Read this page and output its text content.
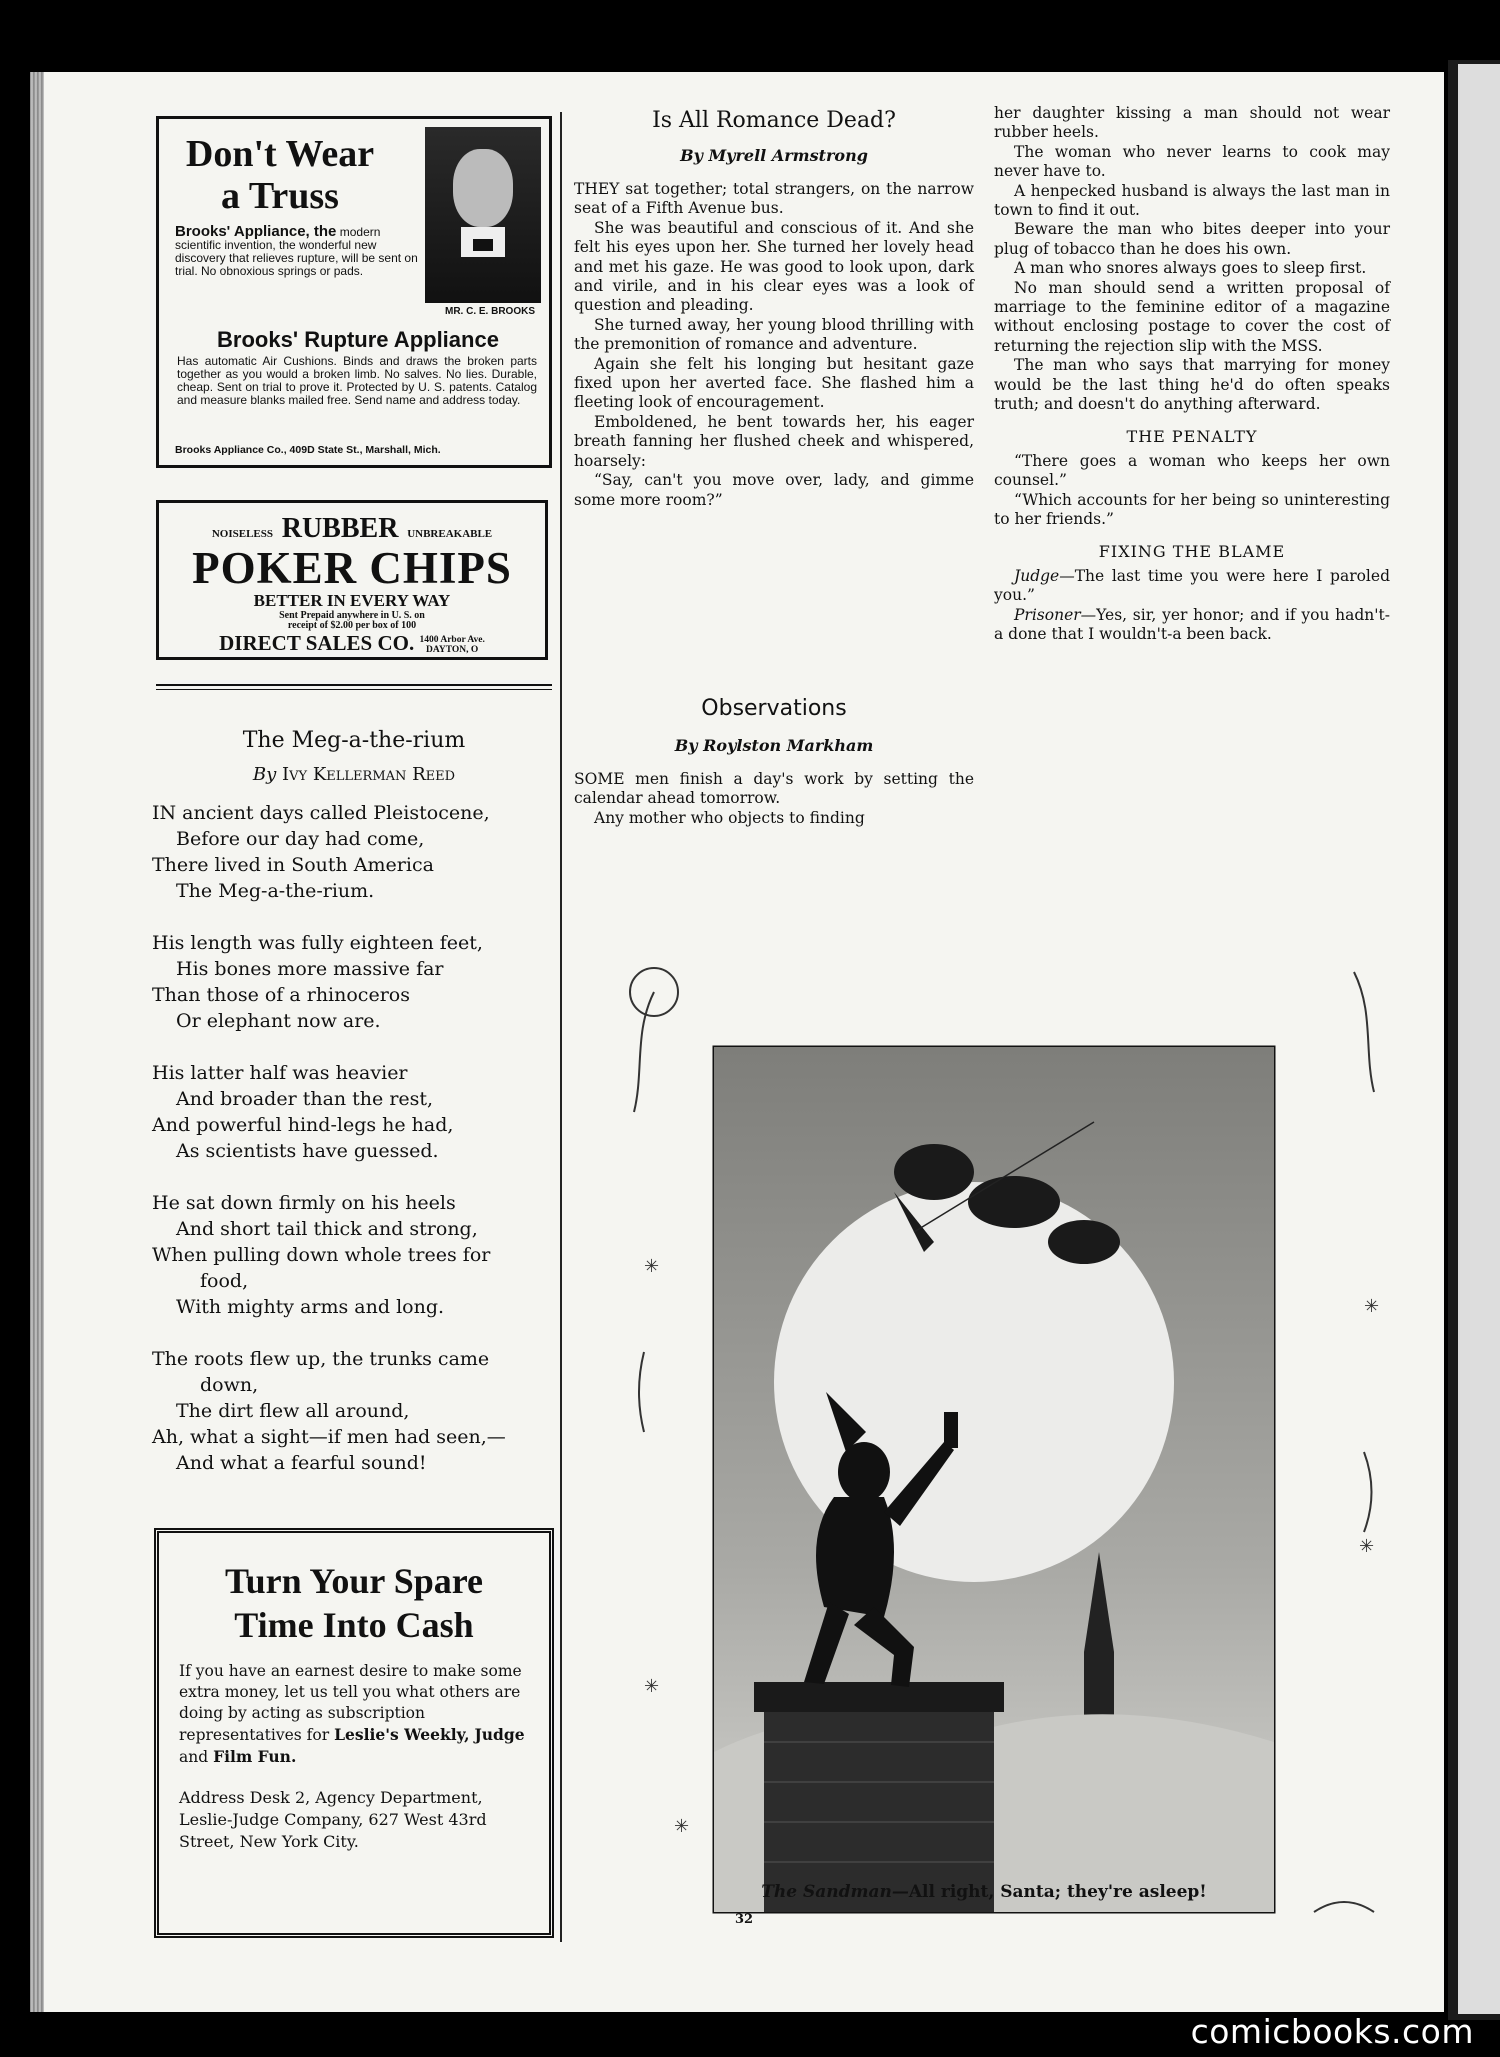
Don't Wear a Truss
Brooks' Appliance, the modern scientific invention, the wonderful new discovery that relieves rupture, will be sent on trial. No obnoxious springs or pads.
MR. C. E. BROOKS
Brooks' Rupture Appliance
Has automatic Air Cushions. Binds and draws the broken parts together as you would a broken limb. No salves. No lies. Durable, cheap. Sent on trial to prove it. Protected by U. S. patents. Catalog and measure blanks mailed free. Send name and address today.
Brooks Appliance Co., 409D State St., Marshall, Mich.
NOISELESS RUBBER UNBREAKABLE
POKER CHIPS
BETTER IN EVERY WAY
Sent Prepaid anywhere in U. S. on
receipt of $2.00 per box of 100
DIRECT SALES CO. 1400 Arbor Ave.
DAYTON, O
The Meg-a-the-rium
By Ivy Kellerman Reed
IN ancient days called Pleistocene,
Before our day had come,
There lived in South America
The Meg-a-the-rium.
His length was fully eighteen feet,
His bones more massive far
Than those of a rhinoceros
Or elephant now are.
His latter half was heavier
And broader than the rest,
And powerful hind-legs he had,
As scientists have guessed.
He sat down firmly on his heels
And short tail thick and strong,
When pulling down whole trees for
food,
With mighty arms and long.
The roots flew up, the trunks came
down,
The dirt flew all around,
Ah, what a sight—if men had seen,—
And what a fearful sound!
Turn Your Spare
Time Into Cash
If you have an earnest desire to make some extra money, let us tell you what others are doing by acting as subscription representatives for Leslie's Weekly, Judge and Film Fun.
Address Desk 2, Agency Department, Leslie-Judge Company, 627 West 43rd Street, New York City.
Is All Romance Dead?
By Myrell Armstrong

THEY sat together; total strangers, on the narrow seat of a Fifth Avenue bus.

She was beautiful and conscious of it. And she felt his eyes upon her. She turned her lovely head and met his gaze. He was good to look upon, dark and virile, and in his clear eyes was a look of question and pleading.

She turned away, her young blood thrilling with the premonition of romance and adventure.

Again she felt his longing but hesitant gaze fixed upon her averted face. She flashed him a fleeting look of encouragement.

Emboldened, he bent towards her, his eager breath fanning her flushed cheek and whispered, hoarsely:

“Say, can't you move over, lady, and gimme some more room?”

Observations
By Roylston Markham

SOME men finish a day's work by setting the calendar ahead tomorrow.

Any mother who objects to finding

her daughter kissing a man should not wear rubber heels.

The woman who never learns to cook may never have to.

A henpecked husband is always the last man in town to find it out.

Beware the man who bites deeper into your plug of tobacco than he does his own.

A man who snores always goes to sleep first.

No man should send a written proposal of marriage to the feminine editor of a magazine without enclosing postage to cover the cost of returning the rejection slip with the MSS.

The man who says that marrying for money would be the last thing he'd do often speaks truth; and doesn't do anything afterward.

THE PENALTY

“There goes a woman who keeps her own counsel.”

“Which accounts for her being so uninteresting to her friends.”

FIXING THE BLAME

Judge—The last time you were here I paroled you.”

Prisoner—Yes, sir, yer honor; and if you hadn't-a done that I wouldn't-a been back.

✳
✳
✳
✳
✳
The Sandman—All right, Santa; they're asleep!
32
comicbooks.com
